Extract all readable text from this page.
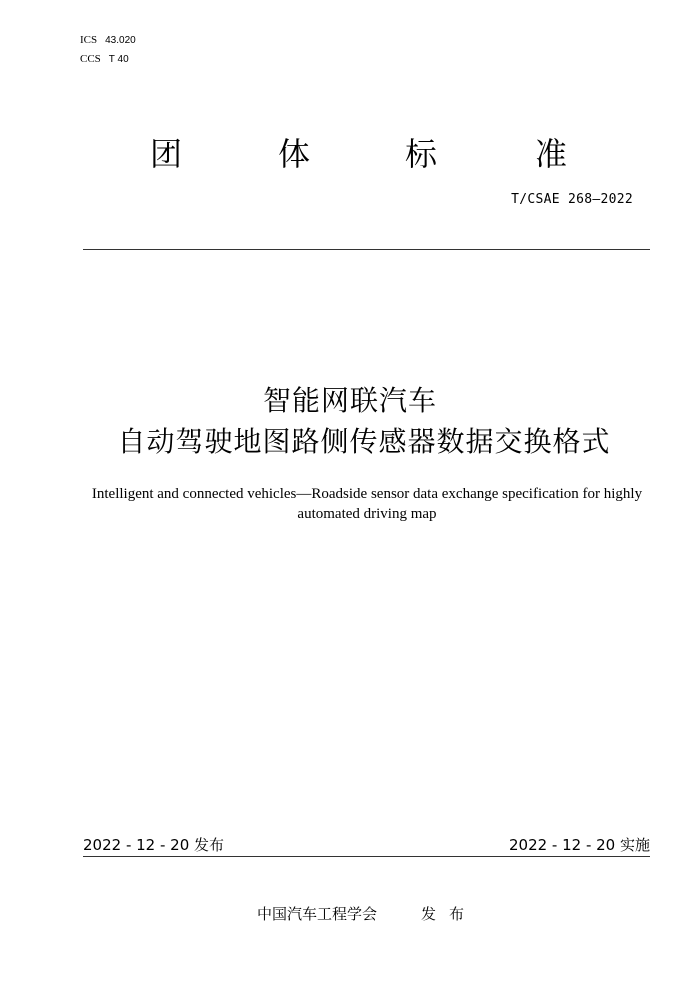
ICS 43.020
CCS T 40
团	体	标	准
T/CSAE 268—2022
智能网联汽车
自动驾驶地图路侧传感器数据交换格式
Intelligent and connected vehicles—Roadside sensor data exchange specification for highly automated driving map
2022 - 12 - 20 发布	2022 - 12 - 20 实施
中国汽车工程学会	发布
